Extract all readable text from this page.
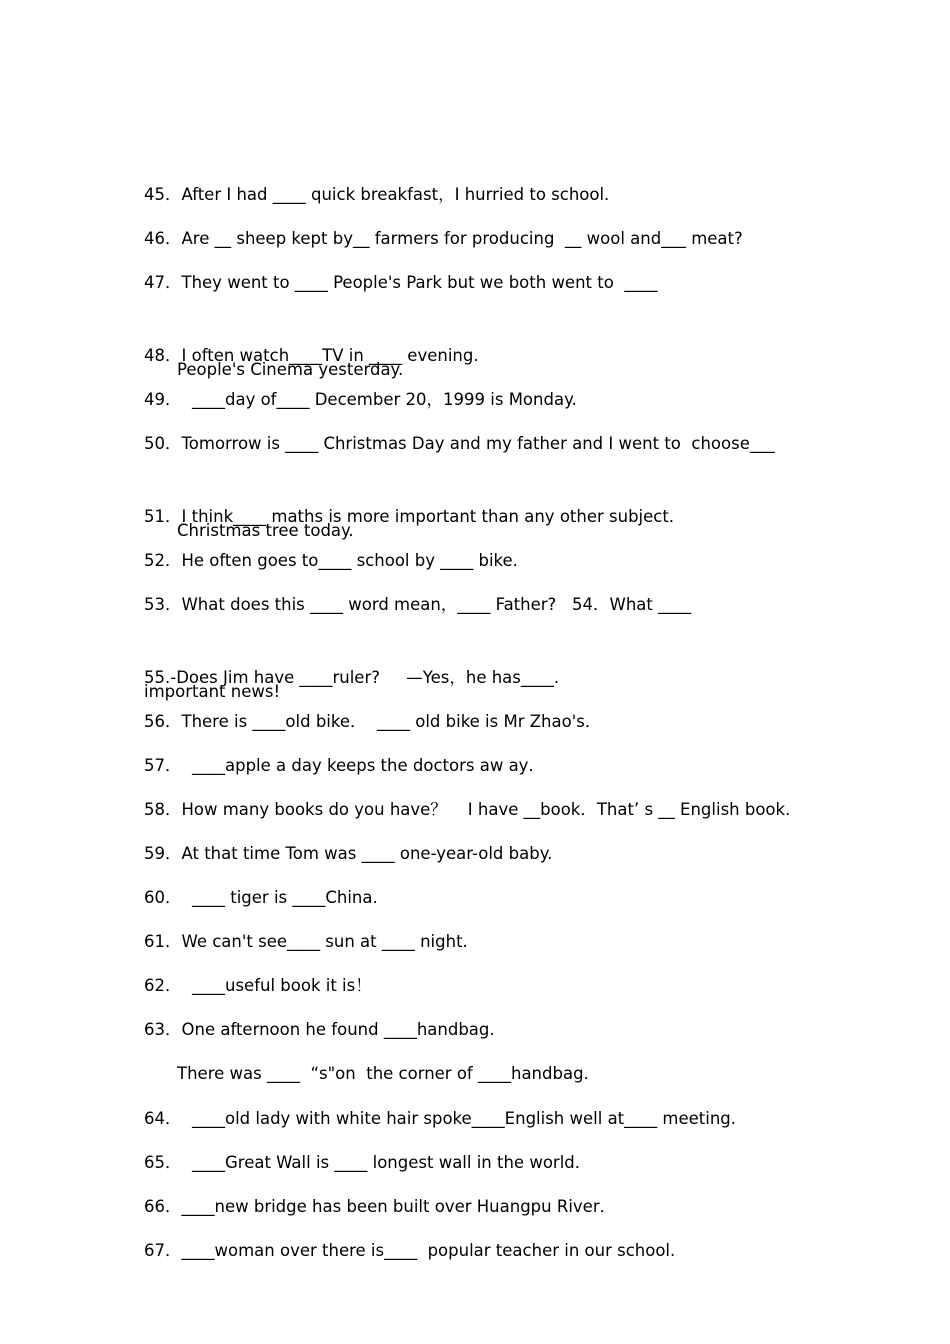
45．After I had ____ quick breakfast，I hurried to school．

46．Are __ sheep kept by__ farmers for producing  __ wool and___ meat?

47．They went to ____ People's Park but we both went to  ____

People's Cinema yesterday.

48．I often watch____TV in ____ evening.

49．  ____day of____ December 20，1999 is Monday.

50．Tomorrow is ____ Christmas Day and my father and I went to  choose___

Christmas tree today.

51．I think____ maths is more important than any other subject．

52．He often goes to____ school by ____ bike.

53．What does this ____ word mean，____ Father?   54．What ____

important news!

55.-Does Jim have ____ruler?     —Yes，he has____.

56．There is ____old bike．  ____ old bike is Mr Zhao's．

57．  ____apple a day keeps the doctors aw ay．

58．How many books do you have？    I have __book．That’ s __ English book.

59．At that time Tom was ____ one-year-old baby.

60．  ____ tiger is ____China.

61．We can't see____ sun at ____ night.

62．  ____useful book it is！

63．One afternoon he found ____handbag.

There was ____  “s"on  the corner of ____handbag.

64．  ____old lady with white hair spoke____English well at____ meeting.

65．  ____Great Wall is ____ longest wall in the world．

66．____new bridge has been built over Huangpu River．

67．____woman over there is____  popular teacher in our school.
